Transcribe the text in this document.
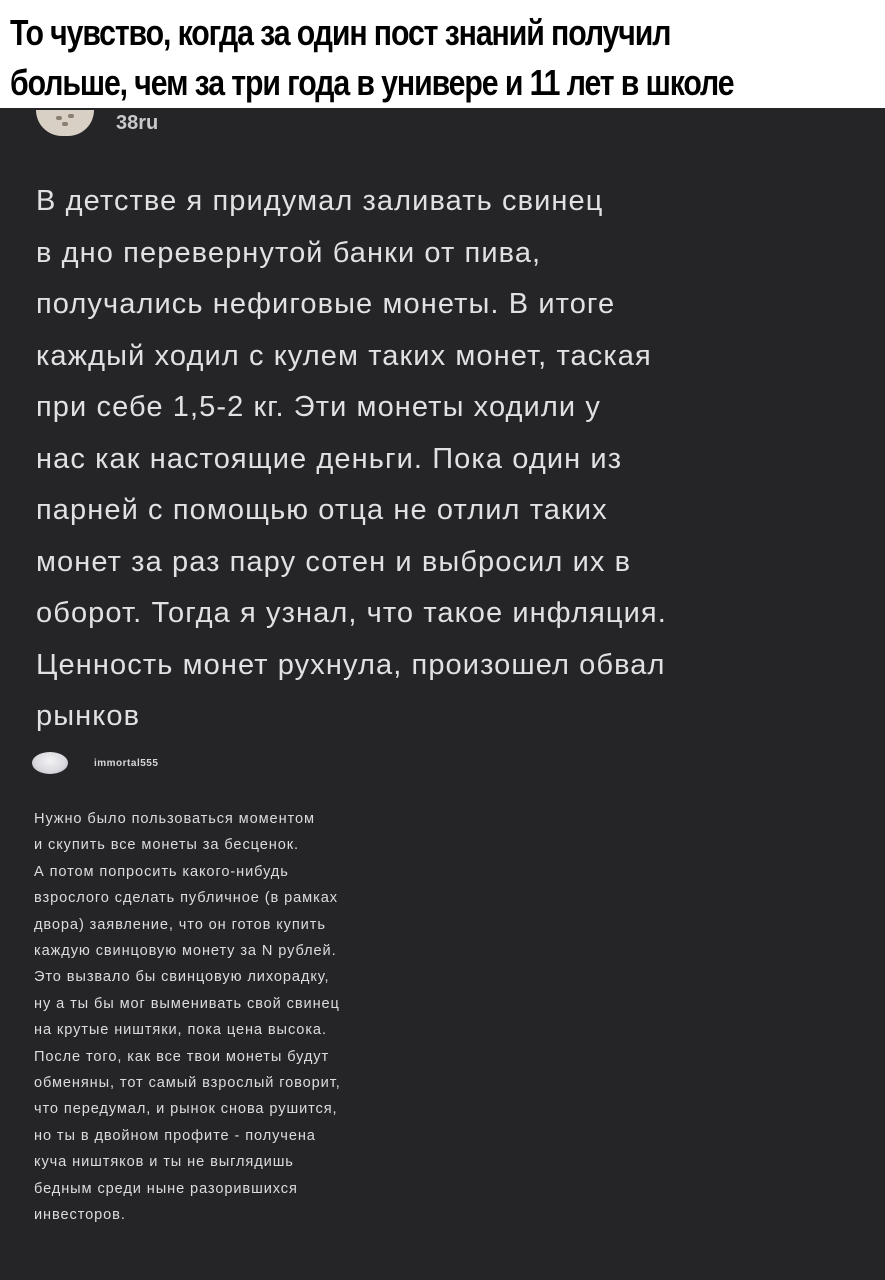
То чувство, когда за один пост знаний получил
больше, чем за три года в универе и 11 лет в школе
38ru
В детстве я придумал заливать свинец
в дно перевернутой банки от пива,
получались нефиговые монеты. В итоге
каждый ходил с кулем таких монет, таская
при себе 1,5-2 кг. Эти монеты ходили у
нас как настоящие деньги. Пока один из
парней с помощью отца не отлил таких
монет за раз пару сотен и выбросил их в
оборот. Тогда я узнал, что такое инфляция.
Ценность монет рухнула, произошел обвал
рынков
immortal555
Нужно было пользоваться моментом
и скупить все монеты за бесценок.
А потом попросить какого-нибудь
взрослого сделать публичное (в рамках
двора) заявление, что он готов купить
каждую свинцовую монету за N рублей.
Это вызвало бы свинцовую лихорадку,
ну а ты бы мог выменивать свой свинец
на крутые ништяки, пока цена высока.
После того, как все твои монеты будут
обменяны, тот самый взрослый говорит,
что передумал, и рынок снова рушится,
но ты в двойном профите - получена
куча ништяков и ты не выглядишь
бедным среди ныне разорившихся
инвесторов.
